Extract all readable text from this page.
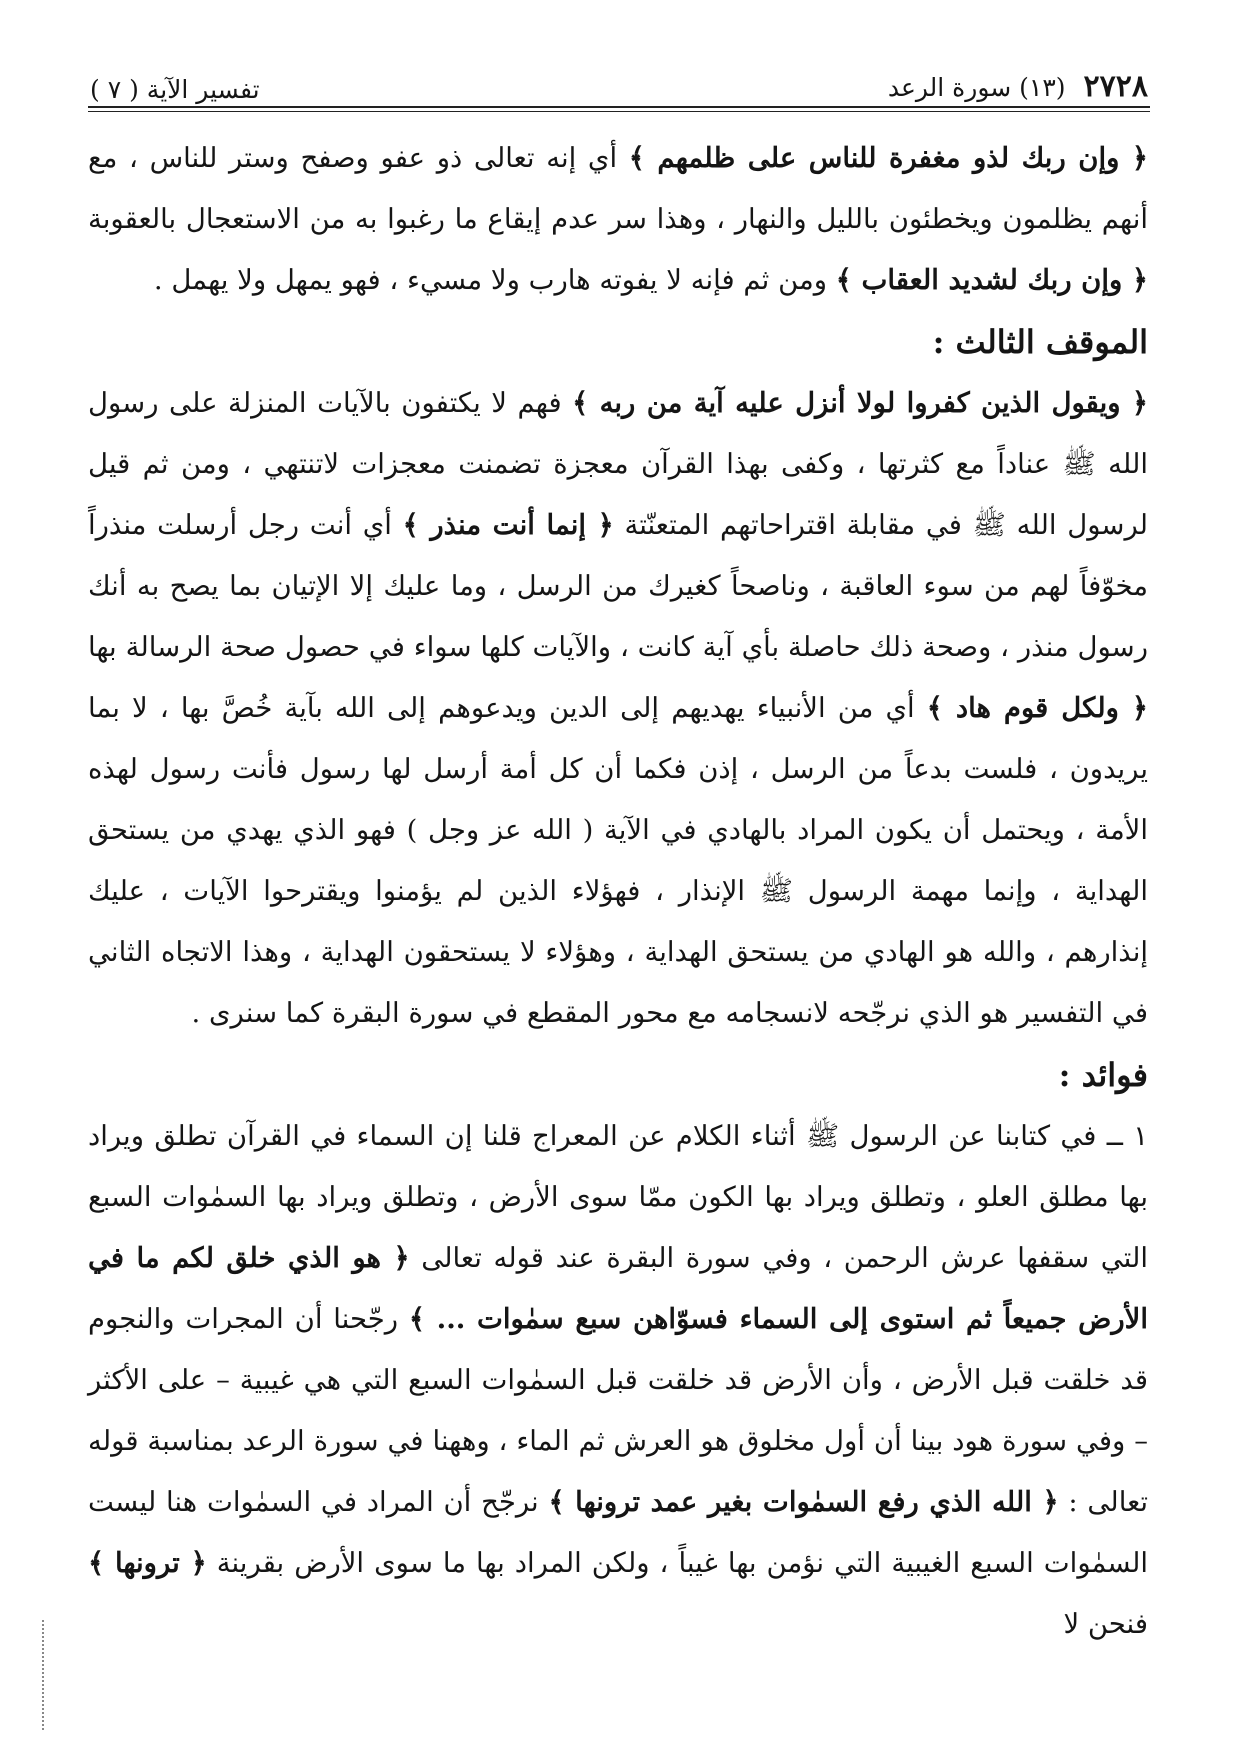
٢٧٢٨
(١٣) سورة الرعد
تفسير الآية ( ٧ )

﴿ وإن ربك لذو مغفرة للناس على ظلمهم ﴾ أي إنه تعالى ذو عفو وصفح وستر للناس ، مع أنهم يظلمون ويخطئون بالليل والنهار ، وهذا سر عدم إيقاع ما رغبوا به من الاستعجال بالعقوبة ﴿ وإن ربك لشديد العقاب ﴾ ومن ثم فإنه لا يفوته هارب ولا مسيء ، فهو يمهل ولا يهمل .

الموقف الثالث :

﴿ ويقول الذين كفروا لولا أنزل عليه آية من ربه ﴾ فهم لا يكتفون بالآيات المنزلة على رسول الله ﷺ عناداً مع كثرتها ، وكفى بهذا القرآن معجزة تضمنت معجزات لاتنتهي ، ومن ثم قيل لرسول الله ﷺ في مقابلة اقتراحاتهم المتعنّتة ﴿ إنما أنت منذر ﴾ أي أنت رجل أرسلت منذراً مخوّفاً لهم من سوء العاقبة ، وناصحاً كغيرك من الرسل ، وما عليك إلا الإتيان بما يصح به أنك رسول منذر ، وصحة ذلك حاصلة بأي آية كانت ، والآيات كلها سواء في حصول صحة الرسالة بها ﴿ ولكل قوم هاد ﴾ أي من الأنبياء يهديهم إلى الدين ويدعوهم إلى الله بآية خُصَّ بها ، لا بما يريدون ، فلست بدعاً من الرسل ، إذن فكما أن كل أمة أرسل لها رسول فأنت رسول لهذه الأمة ، ويحتمل أن يكون المراد بالهادي في الآية ( الله عز وجل ) فهو الذي يهدي من يستحق الهداية ، وإنما مهمة الرسول ﷺ الإنذار ، فهؤلاء الذين لم يؤمنوا ويقترحوا الآيات ، عليك إنذارهم ، والله هو الهادي من يستحق الهداية ، وهؤلاء لا يستحقون الهداية ، وهذا الاتجاه الثاني في التفسير هو الذي نرجّحه لانسجامه مع محور المقطع في سورة البقرة كما سنرى .

فوائد :

١ ــ في كتابنا عن الرسول ﷺ أثناء الكلام عن المعراج قلنا إن السماء في القرآن تطلق ويراد بها مطلق العلو ، وتطلق ويراد بها الكون ممّا سوى الأرض ، وتطلق ويراد بها السمٰوات السبع التي سقفها عرش الرحمن ، وفي سورة البقرة عند قوله تعالى ﴿ هو الذي خلق لكم ما في الأرض جميعاً ثم استوى إلى السماء فسوّاهن سبع سمٰوات ... ﴾ رجّحنا أن المجرات والنجوم قد خلقت قبل الأرض ، وأن الأرض قد خلقت قبل السمٰوات السبع التي هي غيبية – على الأكثر – وفي سورة هود بينا أن أول مخلوق هو العرش ثم الماء ، وههنا في سورة الرعد بمناسبة قوله تعالى : ﴿ الله الذي رفع السمٰوات بغير عمد ترونها ﴾ نرجّح أن المراد في السمٰوات هنا ليست السمٰوات السبع الغيبية التي نؤمن بها غيباً ، ولكن المراد بها ما سوى الأرض بقرينة ﴿ ترونها ﴾ فنحن لا
